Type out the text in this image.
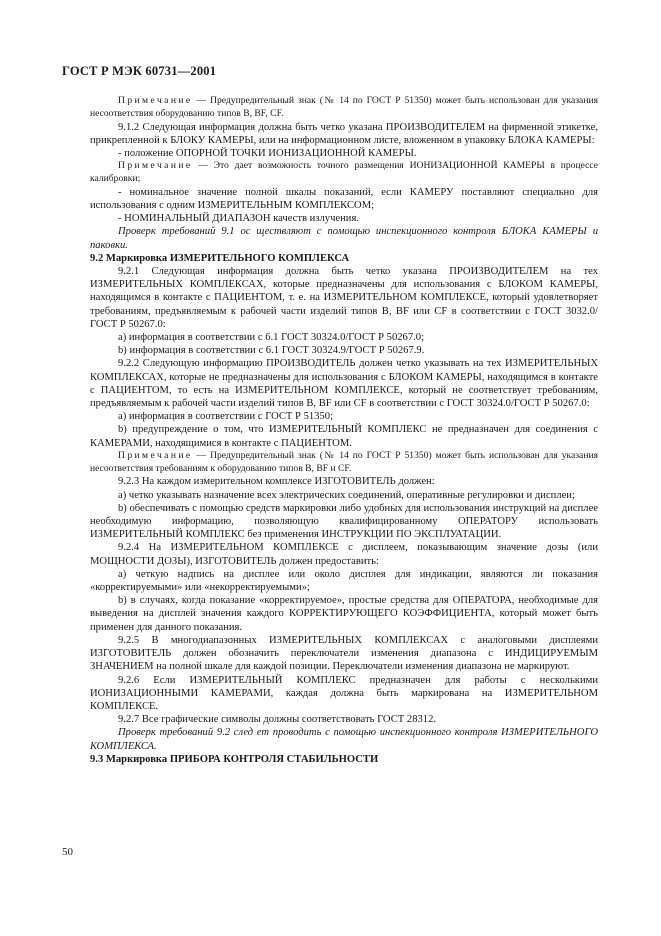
ГОСТ Р МЭК 60731—2001

Примечание — Предупредительный знак (№ 14 по ГОСТ Р 51350) может быть использован для указания несоответствия оборудованию типов В, BF, CF.

9.1.2 Следующая информация должна быть четко указана ПРОИЗВОДИТЕЛЕМ на фирменной этикетке, прикрепленной к БЛОКУ КАМЕРЫ, или на информационном листе, вложенном в упаковку БЛОКА КАМЕРЫ:

- положение ОПОРНОЙ ТОЧКИ ИОНИЗАЦИОННОЙ КАМЕРЫ.

Примечание — Это дает возможность точного размещения ИОНИЗАЦИОННОЙ КАМЕРЫ в процессе калибровки;

- номинальное значение полной шкалы показаний, если КАМЕРУ поставляют специально для использования с одним ИЗМЕРИТЕЛЬНЫМ КОМПЛЕКСОМ;

- НОМИНАЛЬНЫЙ ДИАПАЗОН качеств излучения.

Проверк требований 9.1 ос ществляют с помощью инспекционного контроля БЛОКА КАМЕРЫ и паковки.

9.2 Маркировка ИЗМЕРИТЕЛЬНОГО КОМПЛЕКСА

9.2.1 Следующая информация должна быть четко указана ПРОИЗВОДИТЕЛЕМ на тех ИЗМЕРИТЕЛЬНЫХ КОМПЛЕКСАХ, которые предназначены для использования с БЛОКОМ КАМЕРЫ, находящимся в контакте с ПАЦИЕНТОМ, т. е. на ИЗМЕРИТЕЛЬНОМ КОМПЛЕКСЕ, который удовлетворяет требованиям, предъявляемым к рабочей части изделий типов В, BF или CF в соответствии с ГОСТ 3032.0/ГОСТ Р 50267.0:

а) информация в соответствии с 6.1 ГОСТ 30324.0/ГОСТ Р 50267.0;

b) информация в соответствии с 6.1 ГОСТ 30324.9/ГОСТ Р 50267.9.

9.2.2 Следующую информацию ПРОИЗВОДИТЕЛЬ должен четко указывать на тех ИЗМЕРИТЕЛЬНЫХ КОМПЛЕКСАХ, которые не предназначены для использования с БЛОКОМ КАМЕРЫ, находящимся в контакте с ПАЦИЕНТОМ, то есть на ИЗМЕРИТЕЛЬНОМ КОМПЛЕКСЕ, который не соответствует требованиям, предъявляемым к рабочей части изделий типов В, BF или CF в соответствии с ГОСТ 30324.0/ГОСТ Р 50267.0:

а) информация в соответствии с ГОСТ Р 51350;

b) предупреждение о том, что ИЗМЕРИТЕЛЬНЫЙ КОМПЛЕКС не предназначен для соединения с КАМЕРАМИ, находящимися в контакте с ПАЦИЕНТОМ.

Примечание — Предупредительный знак (№ 14 по ГОСТ Р 51350) может быть использован для указания несоответствия требованиям к оборудованию типов В, BF и CF.

9.2.3 На каждом измерительном комплексе ИЗГОТОВИТЕЛЬ должен:

а) четко указывать назначение всех электрических соединений, оперативные регулировки и дисплеи;

b) обеспечивать с помощью средств маркировки либо удобных для использования инструкций на дисплее необходимую информацию, позволяющую квалифицированному ОПЕРАТОРУ использовать ИЗМЕРИТЕЛЬНЫЙ КОМПЛЕКС без применения ИНСТРУКЦИИ ПО ЭКСПЛУАТАЦИИ.

9.2.4 На ИЗМЕРИТЕЛЬНОМ КОМПЛЕКСЕ с дисплеем, показывающим значение дозы (или МОЩНОСТИ ДОЗЫ), ИЗГОТОВИТЕЛЬ должен предоставить:

а) четкую надпись на дисплее или около дисплея для индикации, являются ли показания «корректируемыми» или «некорректируемыми»;

b) в случаях, когда показание «корректируемое», простые средства для ОПЕРАТОРА, необходимые для выведения на дисплей значения каждого КОРРЕКТИРУЮЩЕГО КОЭФФИЦИЕНТА, который может быть применен для данного показания.

9.2.5 В многодиапазонных ИЗМЕРИТЕЛЬНЫХ КОМПЛЕКСАХ с аналоговыми дисплеями ИЗГОТОВИТЕЛЬ должен обозначить переключатели изменения диапазона с ИНДИЦИРУЕМЫМ ЗНАЧЕНИЕМ на полной шкале для каждой позиции. Переключатели изменения диапазона не маркируют.

9.2.6 Если ИЗМЕРИТЕЛЬНЫЙ КОМПЛЕКС предназначен для работы с несколькими ИОНИЗАЦИОННЫМИ КАМЕРАМИ, каждая должна быть маркирована на ИЗМЕРИТЕЛЬНОМ КОМПЛЕКСЕ.

9.2.7 Все графические символы должны соответствовать ГОСТ 28312.

Проверк требований 9.2 след ет проводить с помощью инспекционного контроля ИЗМЕРИТЕЛЬНОГО КОМПЛЕКСА.

9.3 Маркировка ПРИБОРА КОНТРОЛЯ СТАБИЛЬНОСТИ

50
